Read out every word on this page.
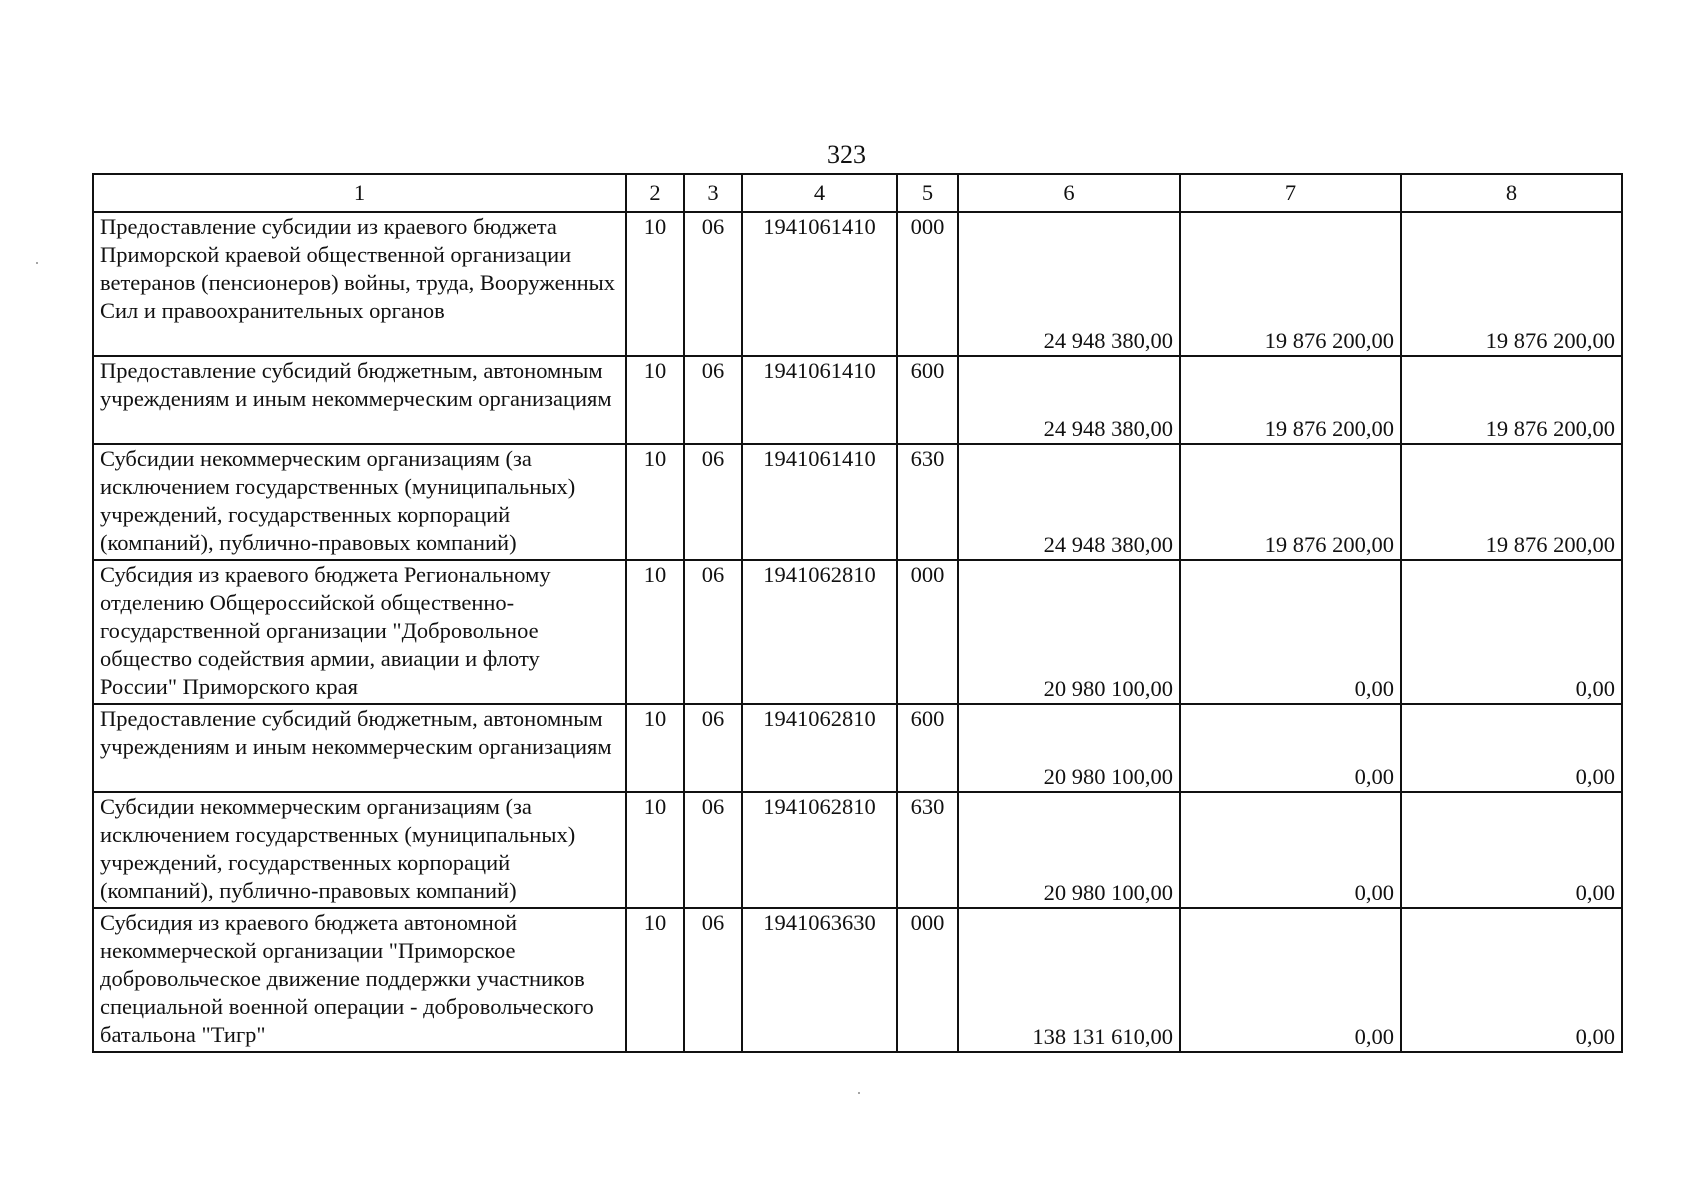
323
1	2	3	4	5	6	7	8
Предоставление субсидии из краевого бюджета Приморской краевой общественной организации ветеранов (пенсионеров) войны, труда, Вооруженных Сил и правоохранительных органов	10	06	1941061410	000	24 948 380,00	19 876 200,00	19 876 200,00
Предоставление субсидий бюджетным, автономным учреждениям и иным некоммерческим организациям	10	06	1941061410	600	24 948 380,00	19 876 200,00	19 876 200,00
Субсидии некоммерческим организациям (за исключением государственных (муниципальных) учреждений, государственных корпораций (компаний), публично-правовых компаний)	10	06	1941061410	630	24 948 380,00	19 876 200,00	19 876 200,00
Субсидия из краевого бюджета Региональному отделению Общероссийской общественно-государственной организации "Добровольное общество содействия армии, авиации и флоту России" Приморского края	10	06	1941062810	000	20 980 100,00	0,00	0,00
Предоставление субсидий бюджетным, автономным учреждениям и иным некоммерческим организациям	10	06	1941062810	600	20 980 100,00	0,00	0,00
Субсидии некоммерческим организациям (за исключением государственных (муниципальных) учреждений, государственных корпораций (компаний), публично-правовых компаний)	10	06	1941062810	630	20 980 100,00	0,00	0,00
Субсидия из краевого бюджета автономной некоммерческой организации "Приморское добровольческое движение поддержки участников специальной военной операции - добровольческого батальона "Тигр"	10	06	1941063630	000	138 131 610,00	0,00	0,00
